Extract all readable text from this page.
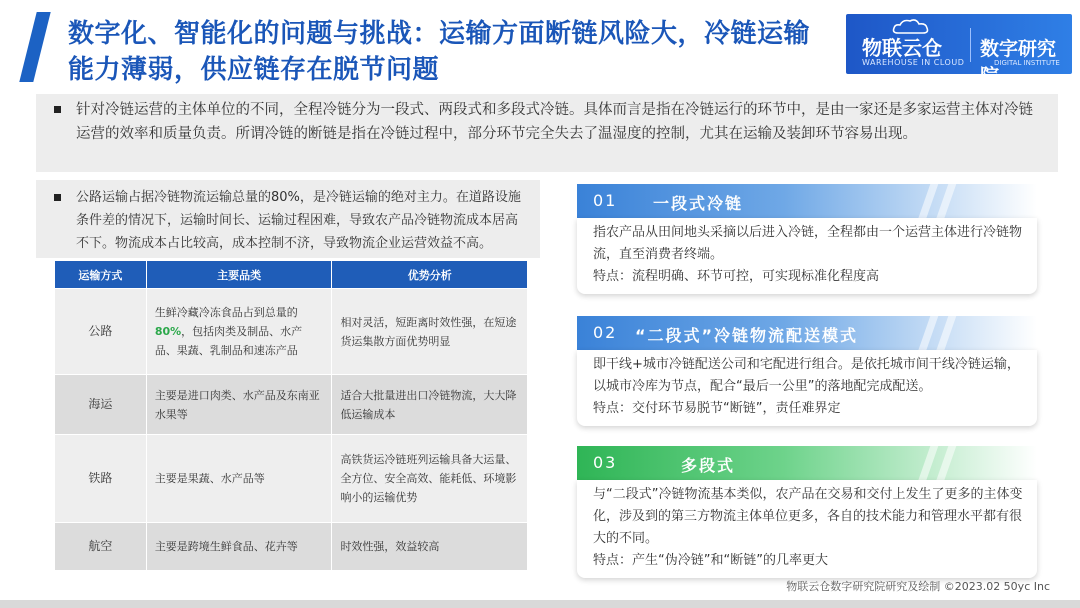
数字化、智能化的问题与挑战：运输方面断链风险大，冷链运输能力薄弱，供应链存在脱节问题
物联云仓
WAREHOUSE IN CLOUD
数字研究院
DIGITAL INSTITUTE

针对冷链运营的主体单位的不同，全程冷链分为一段式、两段式和多段式冷链。具体而言是指在冷链运行的环节中，是由一家还是多家运营主体对冷链运营的效率和质量负责。所谓冷链的断链是指在冷链过程中，部分环节完全失去了温湿度的控制，尤其在运输及装卸环节容易出现。

公路运输占据冷链物流运输总量的80%，是冷链运输的绝对主力。在道路设施条件差的情况下，运输时间长、运输过程困难，导致农产品冷链物流成本居高不下。物流成本占比较高，成本控制不济，导致物流企业运营效益不高。

运输方式	主要品类	优势分析
公路	生鲜冷藏冷冻食品占到总量的80%，包括肉类及制品、水产品、果蔬、乳制品和速冻产品	相对灵活，短距离时效性强，在短途货运集散方面优势明显
海运	主要是进口肉类、水产品及东南亚水果等	适合大批量进出口冷链物流，大大降低运输成本
铁路	主要是果蔬、水产品等	高铁货运冷链班列运输具备大运量、全方位、安全高效、能耗低、环境影响小的运输优势
航空	主要是跨境生鲜食品、花卉等	时效性强，效益较高
01 一段式冷链

指农产品从田间地头采摘以后进入冷链，全程都由一个运营主体进行冷链物流，直至消费者终端。

特点：流程明确、环节可控，可实现标准化程度高

02 “二段式”冷链物流配送模式

即干线+城市冷链配送公司和宅配进行组合。是依托城市间干线冷链运输，以城市冷库为节点，配合“最后一公里”的落地配完成配送。

特点：交付环节易脱节“断链”，责任难界定

03	多段式

与“二段式”冷链物流基本类似，农产品在交易和交付上发生了更多的主体变化，涉及到的第三方物流主体单位更多，各自的技术能力和管理水平都有很大的不同。

特点：产生“伪冷链”和“断链”的几率更大

物联云仓数字研究院研究及绘制 ©2023.02 50yc Inc
